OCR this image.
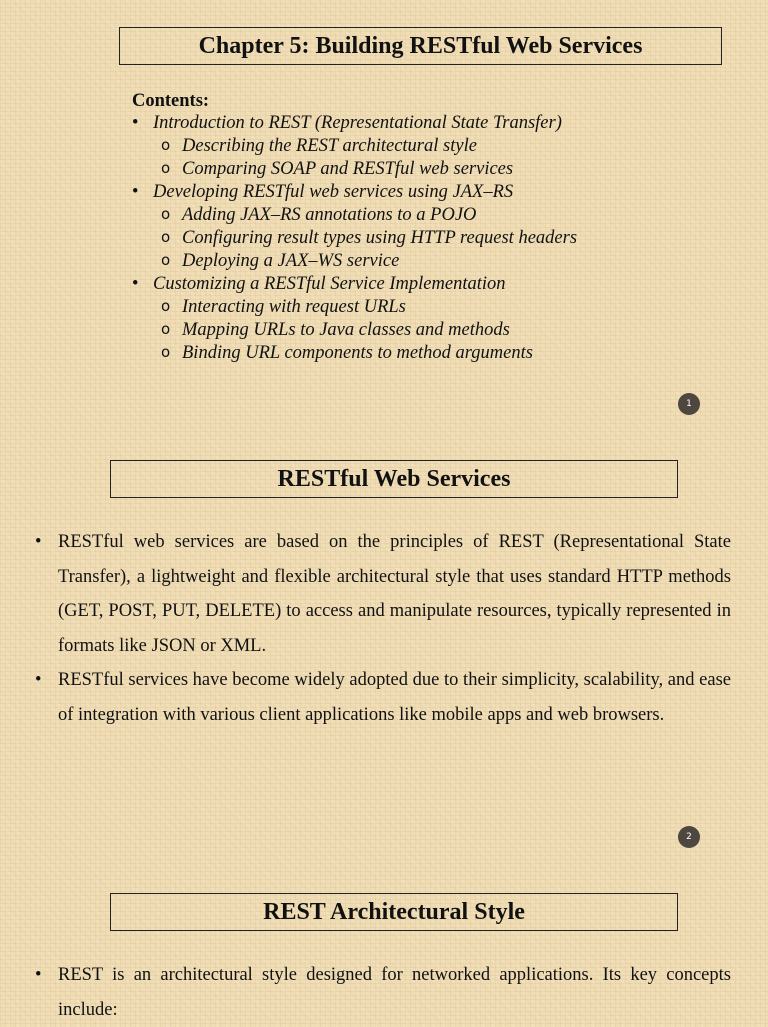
Chapter 5: Building RESTful Web Services
Contents:
• Introduction to REST (Representational State Transfer)
o Describing the REST architectural style
o Comparing SOAP and RESTful web services
• Developing RESTful web services using JAX–RS
o Adding JAX–RS annotations to a POJO
o Configuring result types using HTTP request headers
o Deploying a JAX–WS service
• Customizing a RESTful Service Implementation
o Interacting with request URLs
o Mapping URLs to Java classes and methods
o Binding URL components to method arguments
1
RESTful Web Services

• RESTful web services are based on the principles of REST (Representational State Transfer), a lightweight and flexible architectural style that uses standard HTTP methods (GET, POST, PUT, DELETE) to access and manipulate resources, typically represented in formats like JSON or XML.

• RESTful services have become widely adopted due to their simplicity, scalability, and ease of integration with various client applications like mobile apps and web browsers.

2
REST Architectural Style

• REST is an architectural style designed for networked applications. Its key concepts include:
